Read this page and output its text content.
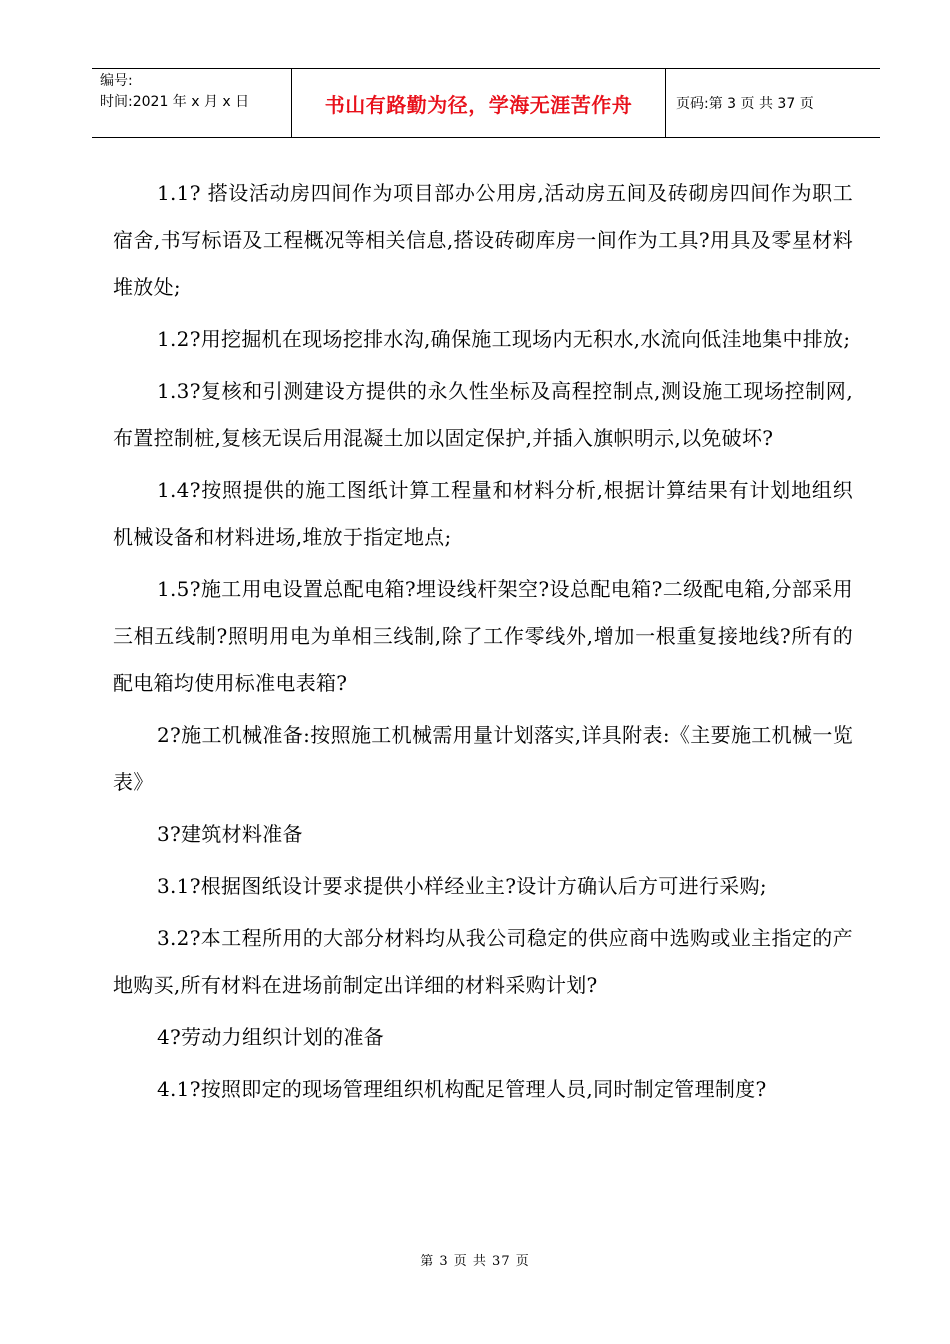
编号:
时间:2021 年 x 月 x 日	书山有路勤为径，学海无涯苦作舟	页码:第 3 页 共 37 页

1.1? 搭设活动房四间作为项目部办公用房,活动房五间及砖砌房四间作为职工宿舍,书写标语及工程概况等相关信息,搭设砖砌库房一间作为工具?用具及零星材料堆放处;

1.2?用挖掘机在现场挖排水沟,确保施工现场内无积水,水流向低洼地集中排放;

1.3?复核和引测建设方提供的永久性坐标及高程控制点,测设施工现场控制网,布置控制桩,复核无误后用混凝土加以固定保护,并插入旗帜明示,以免破坏?

1.4?按照提供的施工图纸计算工程量和材料分析,根据计算结果有计划地组织机械设备和材料进场,堆放于指定地点;

1.5?施工用电设置总配电箱?埋设线杆架空?设总配电箱?二级配电箱,分部采用三相五线制?照明用电为单相三线制,除了工作零线外,增加一根重复接地线?所有的配电箱均使用标准电表箱?

2?施工机械准备:按照施工机械需用量计划落实,详具附表:《主要施工机械一览表》

3?建筑材料准备

3.1?根据图纸设计要求提供小样经业主?设计方确认后方可进行采购;

3.2?本工程所用的大部分材料均从我公司稳定的供应商中选购或业主指定的产地购买,所有材料在进场前制定出详细的材料采购计划?

4?劳动力组织计划的准备

4.1?按照即定的现场管理组织机构配足管理人员,同时制定管理制度?

第 3 页 共 37 页
